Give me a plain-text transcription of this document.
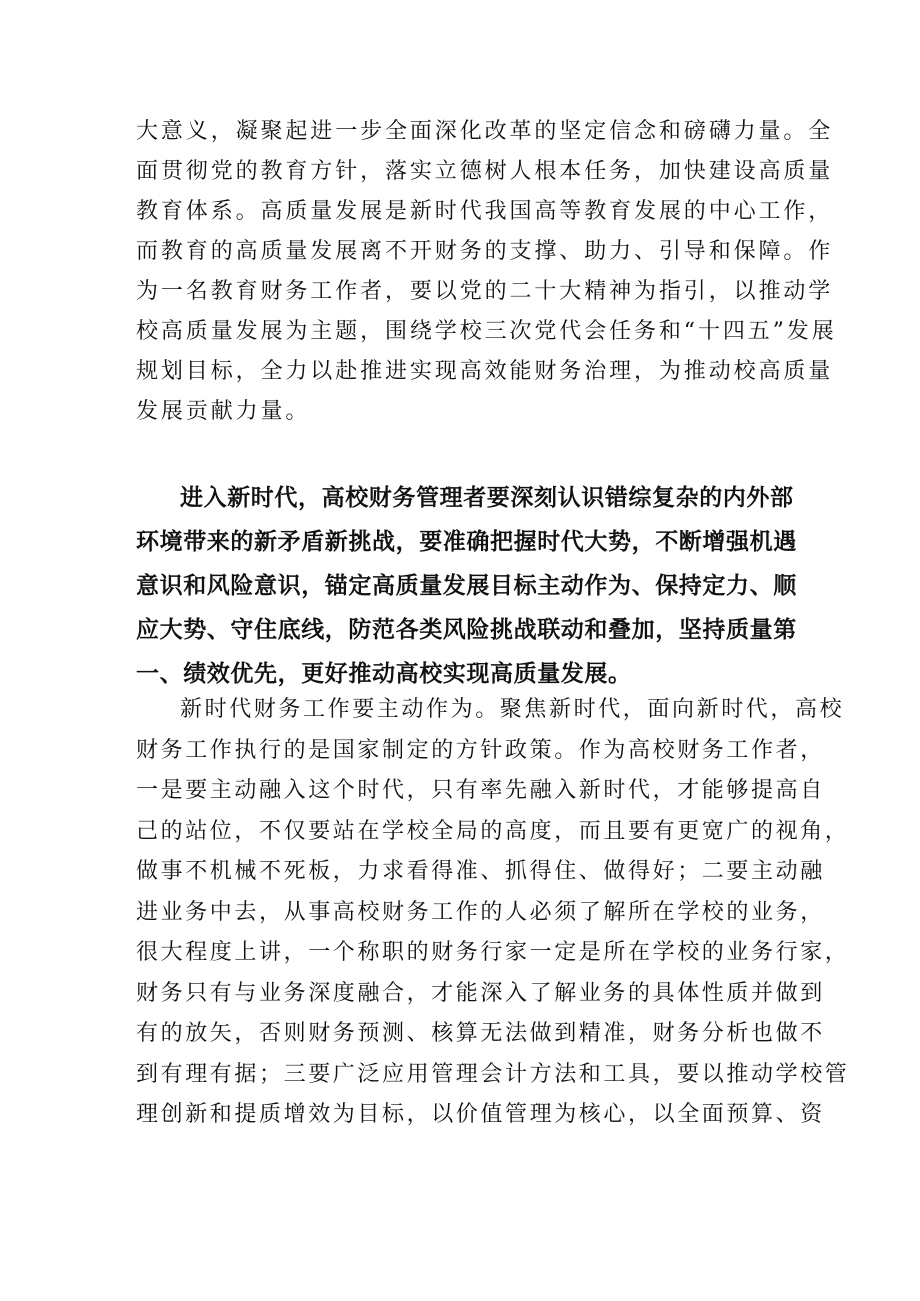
大意义，凝聚起进一步全面深化改革的坚定信念和磅礴力量。全
面贯彻党的教育方针，落实立德树人根本任务，加快建设高质量
教育体系。高质量发展是新时代我国高等教育发展的中心工作，
而教育的高质量发展离不开财务的支撑、助力、引导和保障。作
为一名教育财务工作者，要以党的二十大精神为指引，以推动学
校高质量发展为主题，围绕学校三次党代会任务和“十四五”发展
规划目标，全力以赴推进实现高效能财务治理，为推动校高质量
发展贡献力量。
进入新时代，高校财务管理者要深刻认识错综复杂的内外部
环境带来的新矛盾新挑战，要准确把握时代大势，不断增强机遇
意识和风险意识，锚定高质量发展目标主动作为、保持定力、顺
应大势、守住底线，防范各类风险挑战联动和叠加，坚持质量第
一、绩效优先，更好推动高校实现高质量发展。
新时代财务工作要主动作为。聚焦新时代，面向新时代，高校
财务工作执行的是国家制定的方针政策。作为高校财务工作者，
一是要主动融入这个时代，只有率先融入新时代，才能够提高自
己的站位，不仅要站在学校全局的高度，而且要有更宽广的视角，
做事不机械不死板，力求看得准、抓得住、做得好；二要主动融
进业务中去，从事高校财务工作的人必须了解所在学校的业务，
很大程度上讲，一个称职的财务行家一定是所在学校的业务行家，
财务只有与业务深度融合，才能深入了解业务的具体性质并做到
有的放矢，否则财务预测、核算无法做到精准，财务分析也做不
到有理有据；三要广泛应用管理会计方法和工具，要以推动学校管
理创新和提质增效为目标，以价值管理为核心，以全面预算、资
